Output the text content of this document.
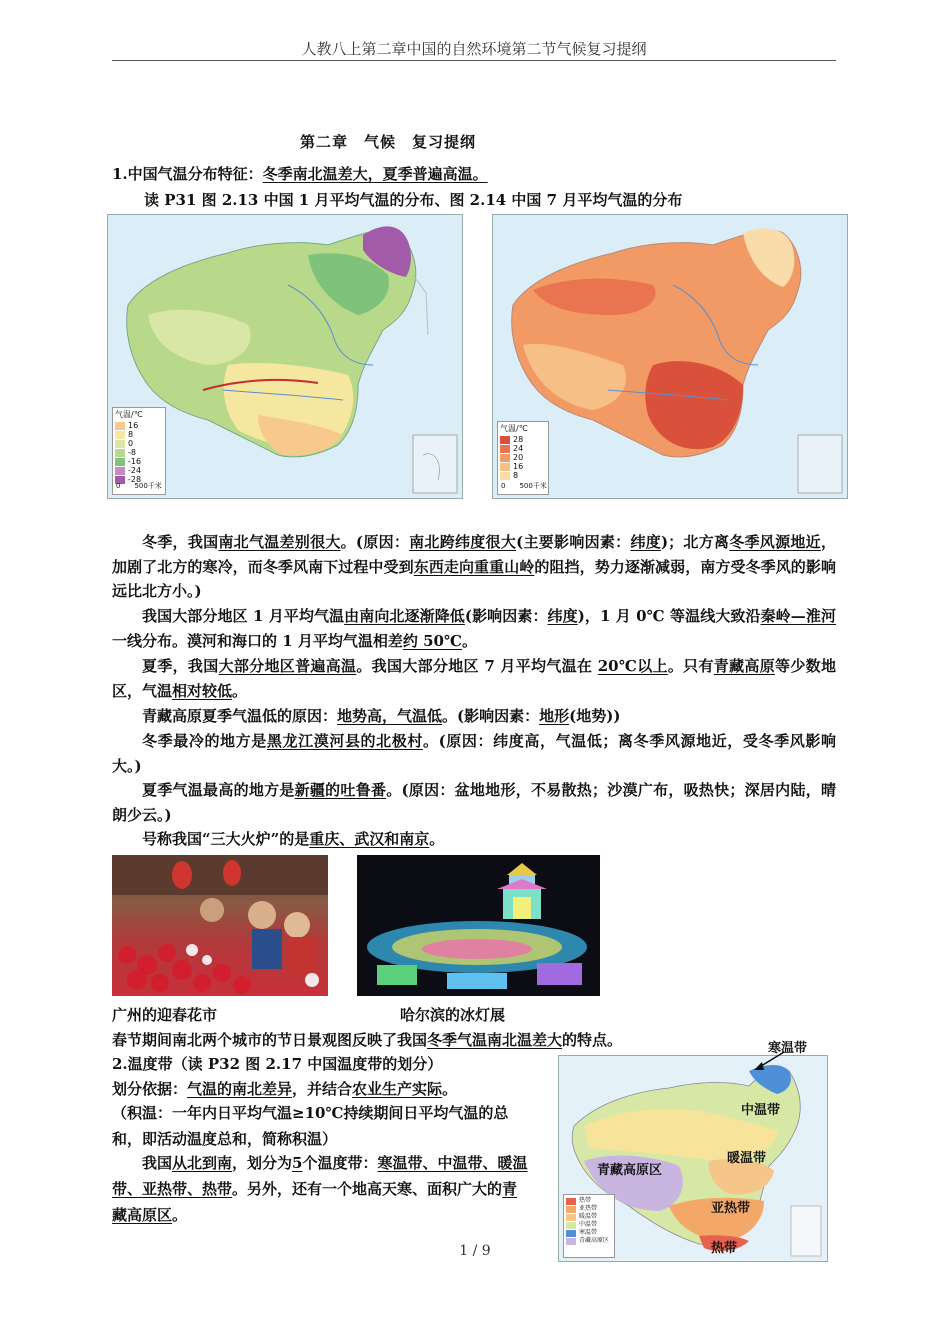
人教八上第二章中国的自然环境第二节气候复习提纲
第二章　气候　复习提纲
1.中国气温分布特征：冬季南北温差大，夏季普遍高温。
读 P31 图 2.13 中国 1 月平均气温的分布、图 2.14 中国 7 月平均气温的分布
气温/℃
16
8
0
-8
-16
-24
-28
0　　500千米
气温/℃
28
24
20
16
8
0　　500千米
冬季，我国南北气温差别很大。(原因：南北跨纬度很大(主要影响因素：纬度)；北方离冬季风源地近，加剧了北方的寒冷，而冬季风南下过程中受到东西走向重重山岭的阻挡，势力逐渐减弱，南方受冬季风的影响远比北方小。)
我国大部分地区 1 月平均气温由南向北逐渐降低(影响因素：纬度)，1 月 0℃ 等温线大致沿秦岭—淮河一线分布。漠河和海口的 1 月平均气温相差约 50℃。
夏季，我国大部分地区普遍高温。我国大部分地区 7 月平均气温在 20℃以上。只有青藏高原等少数地区，气温相对较低。
青藏高原夏季气温低的原因：地势高，气温低。(影响因素：地形(地势))
冬季最冷的地方是黑龙江漠河县的北极村。(原因：纬度高，气温低；离冬季风源地近，受冬季风影响大。)
夏季气温最高的地方是新疆的吐鲁番。(原因：盆地地形，不易散热；沙漠广布，吸热快；深居内陆，晴朗少云。)
号称我国“三大火炉”的是重庆、武汉和南京。
广州的迎春花市	哈尔滨的冰灯展
春节期间南北两个城市的节日景观图反映了我国冬季气温南北温差大的特点。
2.温度带（读 P32 图 2.17 中国温度带的划分）
划分依据：气温的南北差异，并结合农业生产实际。
（积温：一年内日平均气温≥10℃持续期间日平均气温的总和，即活动温度总和，简称积温）
我国从北到南，划分为5个温度带：寒温带、中温带、暖温带、亚热带、热带。另外，还有一个地高天寒、面积广大的青藏高原区。
中温带
暖温带
青藏高原区
亚热带
热带
热带
亚热带
暖温带
中温带
寒温带
青藏高原区
寒温带
1 / 9
